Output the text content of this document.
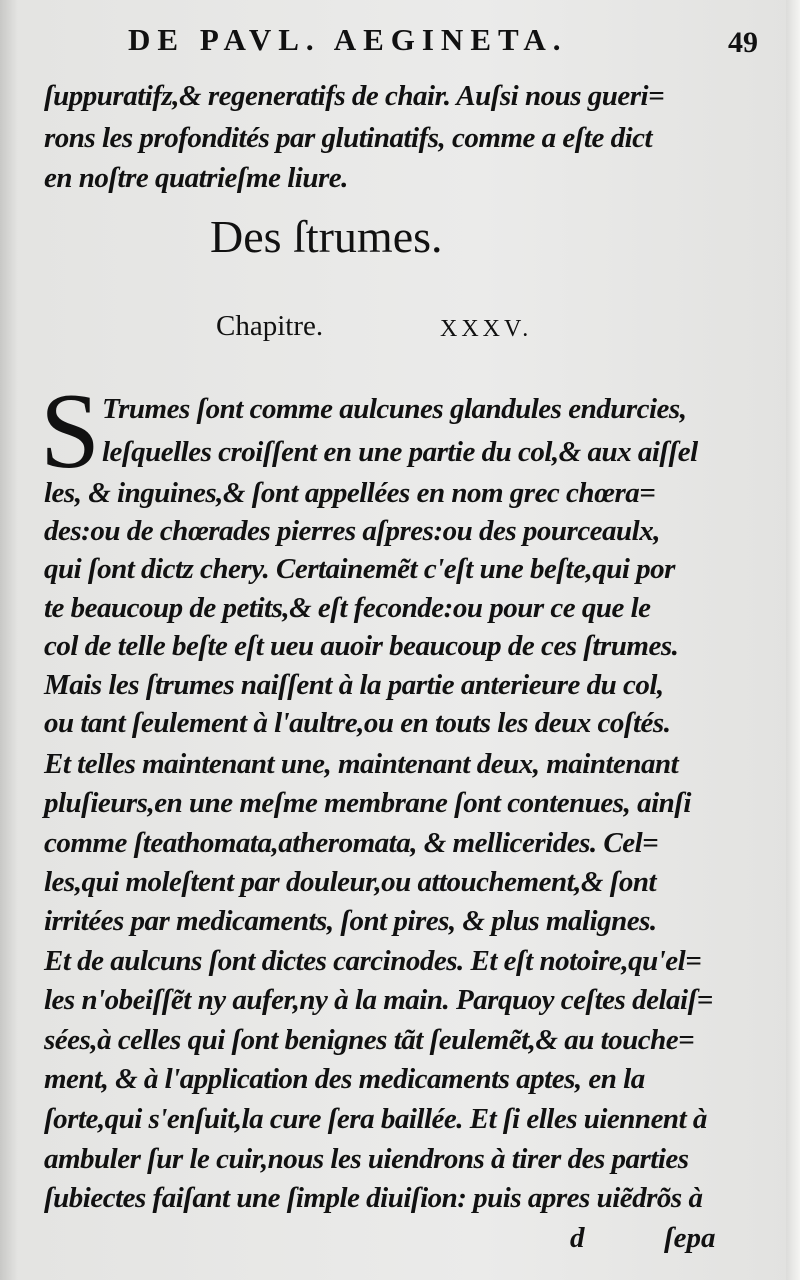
DE PAVL. AEGINETA.	49
ſuppuratifz,& regeneratifs de chair. Auſsi nous gueri=
rons les profondités par glutinatifs, comme a eſte dict
en noſtre quatrieſme liure.
Des ſtrumes.
Chapitre.	XXXV.
S Trumes ſont comme aulcunes glandules endurcies,
leſquelles croiſſent en une partie du col,& aux aiſſel
les, & inguines,& ſont appellées en nom grec chœra=
des:ou de chœrades pierres aſpres:ou des pourceaulx,
qui ſont dictz chery. Certainemẽt c'eſt une beſte,qui por
te beaucoup de petits,& eſt feconde:ou pour ce que le
col de telle beſte eſt ueu auoir beaucoup de ces ſtrumes.
Mais les ſtrumes naiſſent à la partie anterieure du col,
ou tant ſeulement à l'aultre,ou en touts les deux coſtés.
Et telles maintenant une, maintenant deux, maintenant
pluſieurs,en une meſme membrane ſont contenues, ainſi
comme ſteathomata,atheromata, & mellicerides. Cel=
les,qui moleſtent par douleur,ou attouchement,& ſont
irritées par medicaments, ſont pires, & plus malignes.
Et de aulcuns ſont dictes carcinodes. Et eſt notoire,qu'el=
les n'obeiſſẽt ny aufer,ny à la main. Parquoy ceſtes delaiſ=
sées,à celles qui ſont benignes tãt ſeulemẽt,& au touche=
ment, & à l'application des medicaments aptes, en la
ſorte,qui s'enſuit,la cure ſera baillée. Et ſi elles uiennent à
ambuler ſur le cuir,nous les uiendrons à tirer des parties
ſubiectes faiſant une ſimple diuiſion: puis apres uiẽdrõs à
d	ſepa
